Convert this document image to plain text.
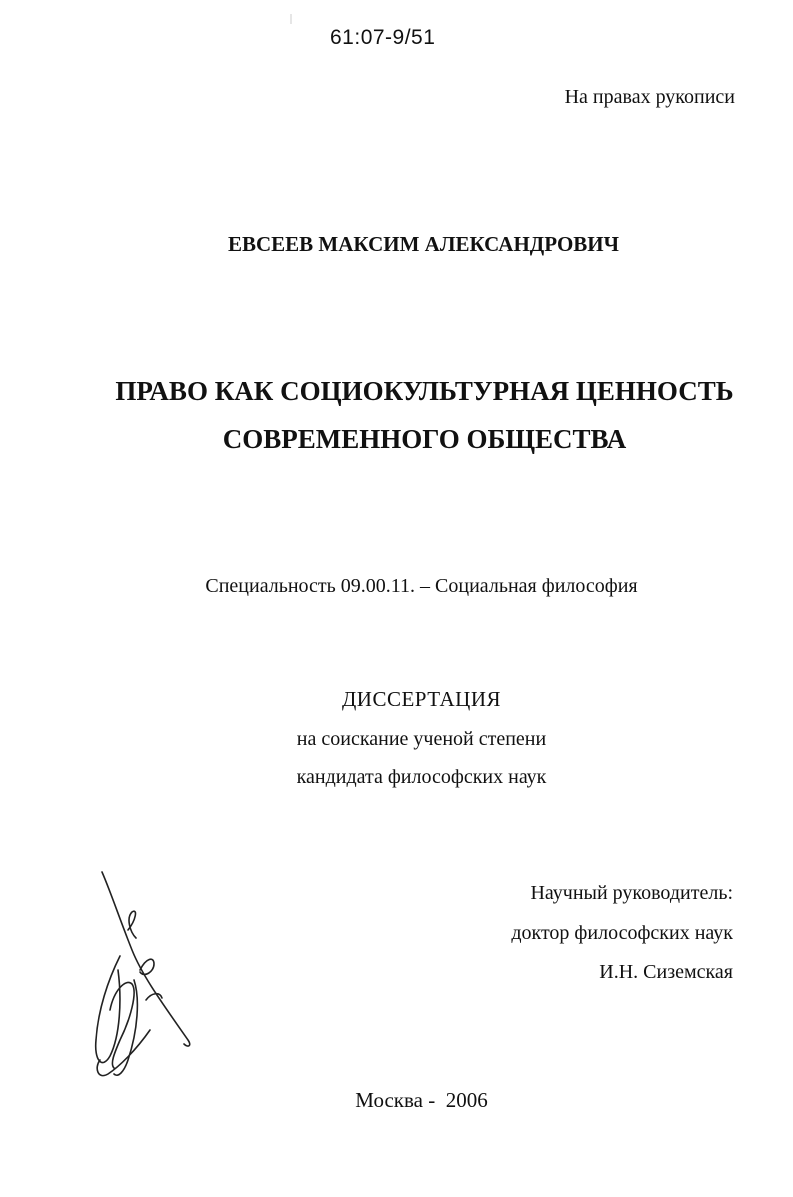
61:07-9/51
На правах рукописи
ЕВСЕЕВ МАКСИМ АЛЕКСАНДРОВИЧ
ПРАВО КАК СОЦИОКУЛЬТУРНАЯ ЦЕННОСТЬ
СОВРЕМЕННОГО ОБЩЕСТВА
Специальность 09.00.11. – Социальная философия
ДИССЕРТАЦИЯ
на соискание ученой степени
кандидата философских наук
Научный руководитель:
доктор философских наук
И.Н. Сиземская
Москва -  2006
